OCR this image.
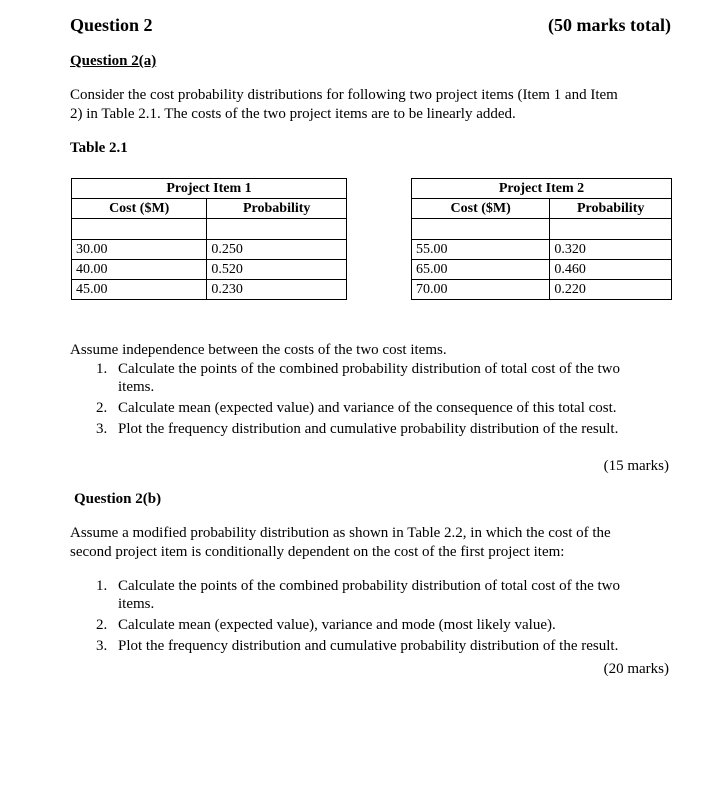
Question 2	(50 marks total)
Question 2(a)
Consider the cost probability distributions for following two project items (Item 1 and Item
2) in Table 2.1. The costs of the two project items are to be linearly added.
Table 2.1
Project Item 1	
Cost ($M)	Probability

30.00	0.250
40.00	0.520
45.00	0.230
Project Item 2	
Cost ($M)	Probability

55.00	0.320
65.00	0.460
70.00	0.220
Assume independence between the costs of the two cost items.
1. Calculate the points of the combined probability distribution of total cost of the two
items.
2. Calculate mean (expected value) and variance of the consequence of this total cost.
3. Plot the frequency distribution and cumulative probability distribution of the result.
(15 marks)
Question 2(b)
Assume a modified probability distribution as shown in Table 2.2, in which the cost of the
second project item is conditionally dependent on the cost of the first project item:
1. Calculate the points of the combined probability distribution of total cost of the two
items.
2. Calculate mean (expected value), variance and mode (most likely value).
3. Plot the frequency distribution and cumulative probability distribution of the result.
(20 marks)
